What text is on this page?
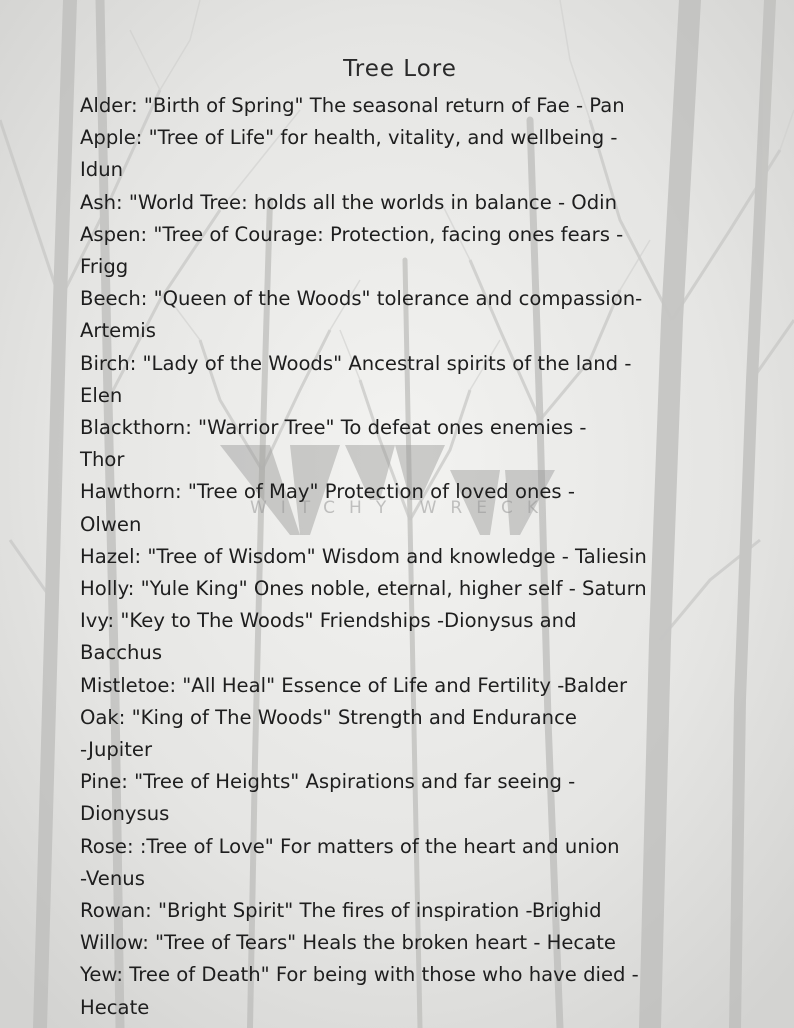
WITCHY WRECK
Tree Lore
Alder: "Birth of Spring" The seasonal return of Fae - Pan
Apple: "Tree of Life" for health, vitality, and wellbeing -
Idun
Ash: "World Tree: holds all the worlds in balance - Odin
Aspen: "Tree of Courage: Protection, facing ones fears -
Frigg
Beech: "Queen of the Woods" tolerance and compassion-
Artemis
Birch: "Lady of the Woods" Ancestral spirits of the land -
Elen
Blackthorn: "Warrior Tree" To defeat ones enemies -
Thor
Hawthorn: "Tree of May" Protection of loved ones -
Olwen
Hazel: "Tree of Wisdom" Wisdom and knowledge - Taliesin
Holly: "Yule King" Ones noble, eternal, higher self - Saturn
Ivy: "Key to The Woods" Friendships -Dionysus and
Bacchus
Mistletoe: "All Heal" Essence of Life and Fertility -Balder
Oak: "King of The Woods" Strength and Endurance
-Jupiter
Pine: "Tree of Heights" Aspirations and far seeing -
Dionysus
Rose: :Tree of Love" For matters of the heart and union
-Venus
Rowan: "Bright Spirit" The fires of inspiration -Brighid
Willow: "Tree of Tears" Heals the broken heart - Hecate
Yew: Tree of Death" For being with those who have died -
Hecate
